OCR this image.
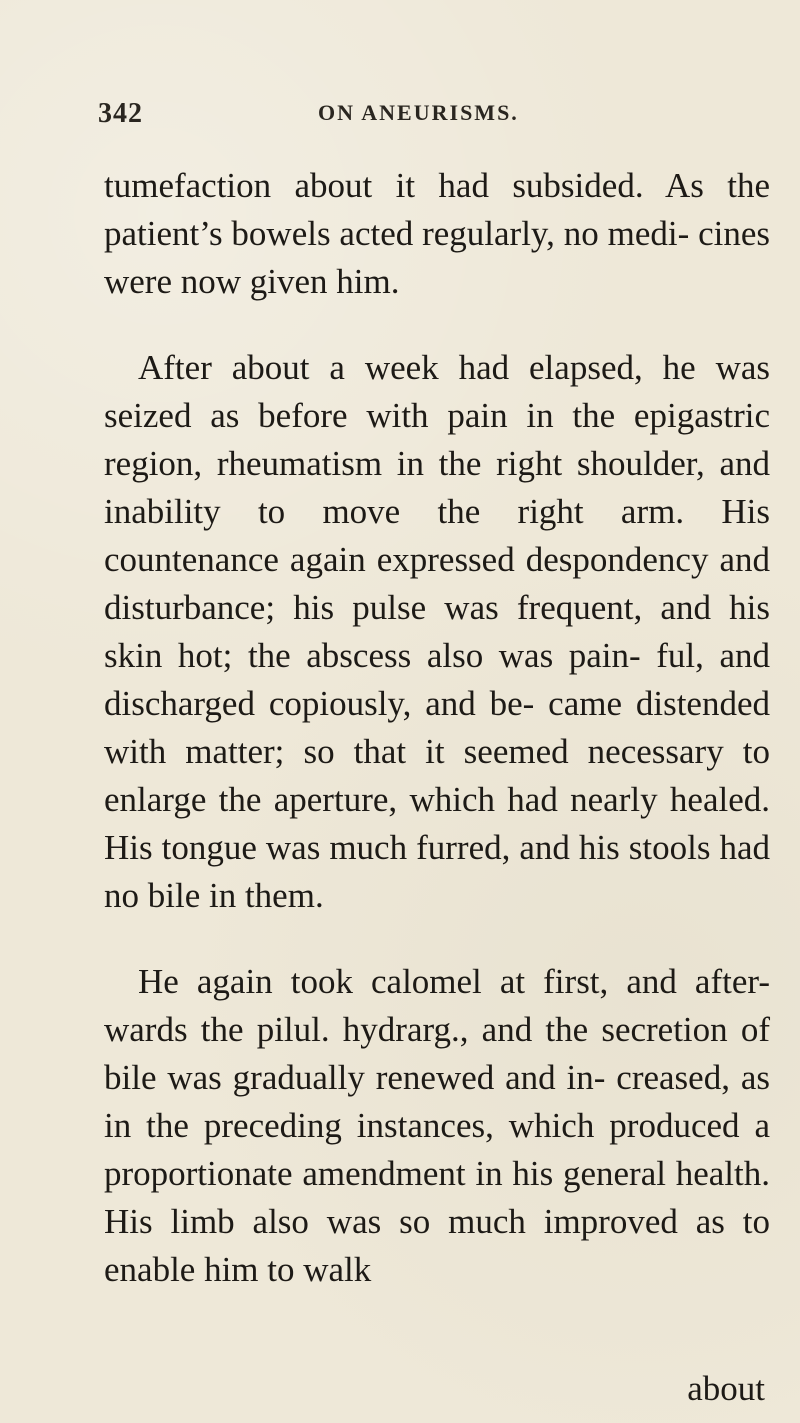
342	ON ANEURISMS.

tumefaction about it had subsided. As the patient’s bowels acted regularly, no medi- cines were now given him.

After about a week had elapsed, he was seized as before with pain in the epigastric region, rheumatism in the right shoulder, and inability to move the right arm. His countenance again expressed despondency and disturbance; his pulse was frequent, and his skin hot; the abscess also was pain- ful, and discharged copiously, and be- came distended with matter; so that it seemed necessary to enlarge the aperture, which had nearly healed. His tongue was much furred, and his stools had no bile in them.

He again took calomel at first, and after- wards the pilul. hydrarg., and the secretion of bile was gradually renewed and in- creased, as in the preceding instances, which produced a proportionate amendment in his general health. His limb also was so much improved as to enable him to walk

about
